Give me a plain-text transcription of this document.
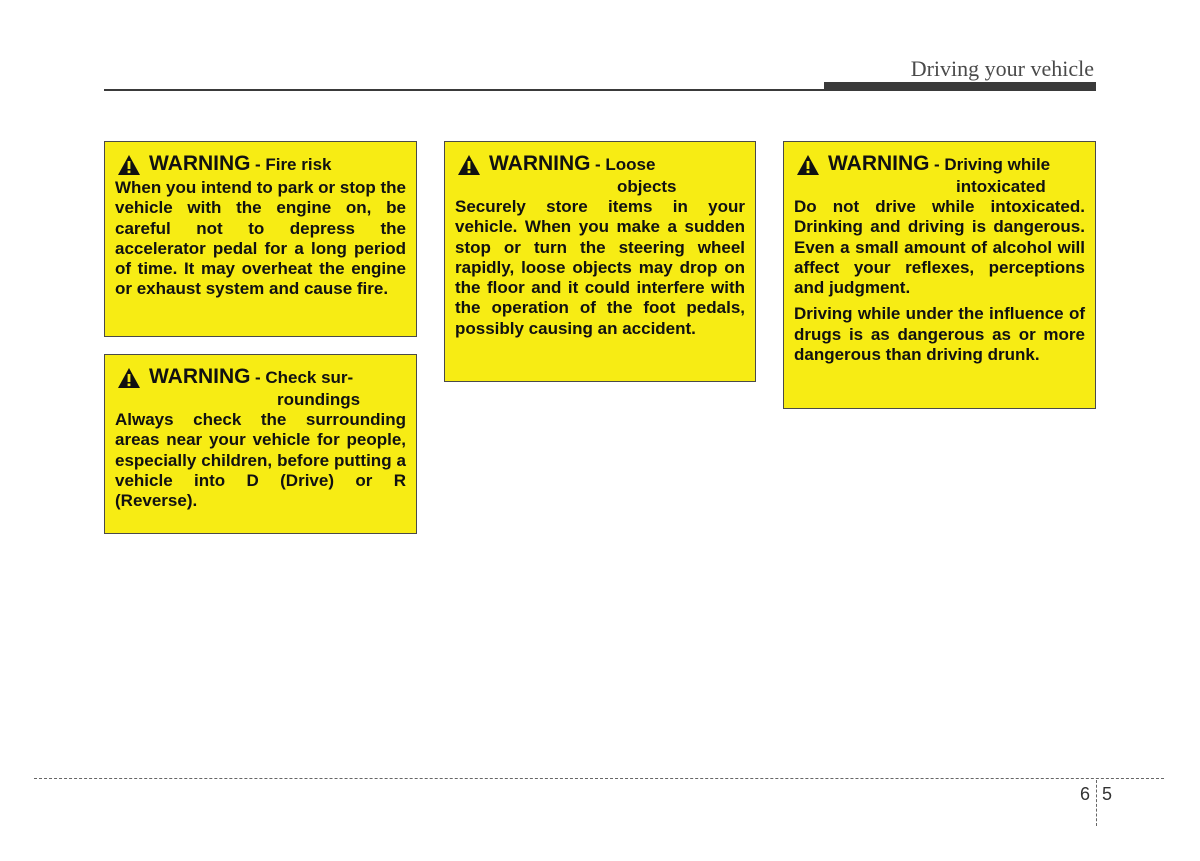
Driving your vehicle
WARNING - Fire risk

When you intend to park or stop the vehicle with the engine on, be careful not to depress the accelerator pedal for a long period of time. It may overheat the engine or exhaust system and cause fire.

WARNING - Check sur-
roundings

Always check the surrounding areas near your vehicle for people, especially children, before putting a vehicle into D (Drive) or R (Reverse).

WARNING - Loose
objects

Securely store items in your vehicle. When you make a sudden stop or turn the steering wheel rapidly, loose objects may drop on the floor and it could interfere with the operation of the foot pedals, possibly causing an accident.

WARNING - Driving while
intoxicated

Do not drive while intoxicated. Drinking and driving is dangerous. Even a small amount of alcohol will affect your reflexes, perceptions and judgment.

Driving while under the influence of drugs is as dangerous as or more dangerous than driving drunk.

6 5
